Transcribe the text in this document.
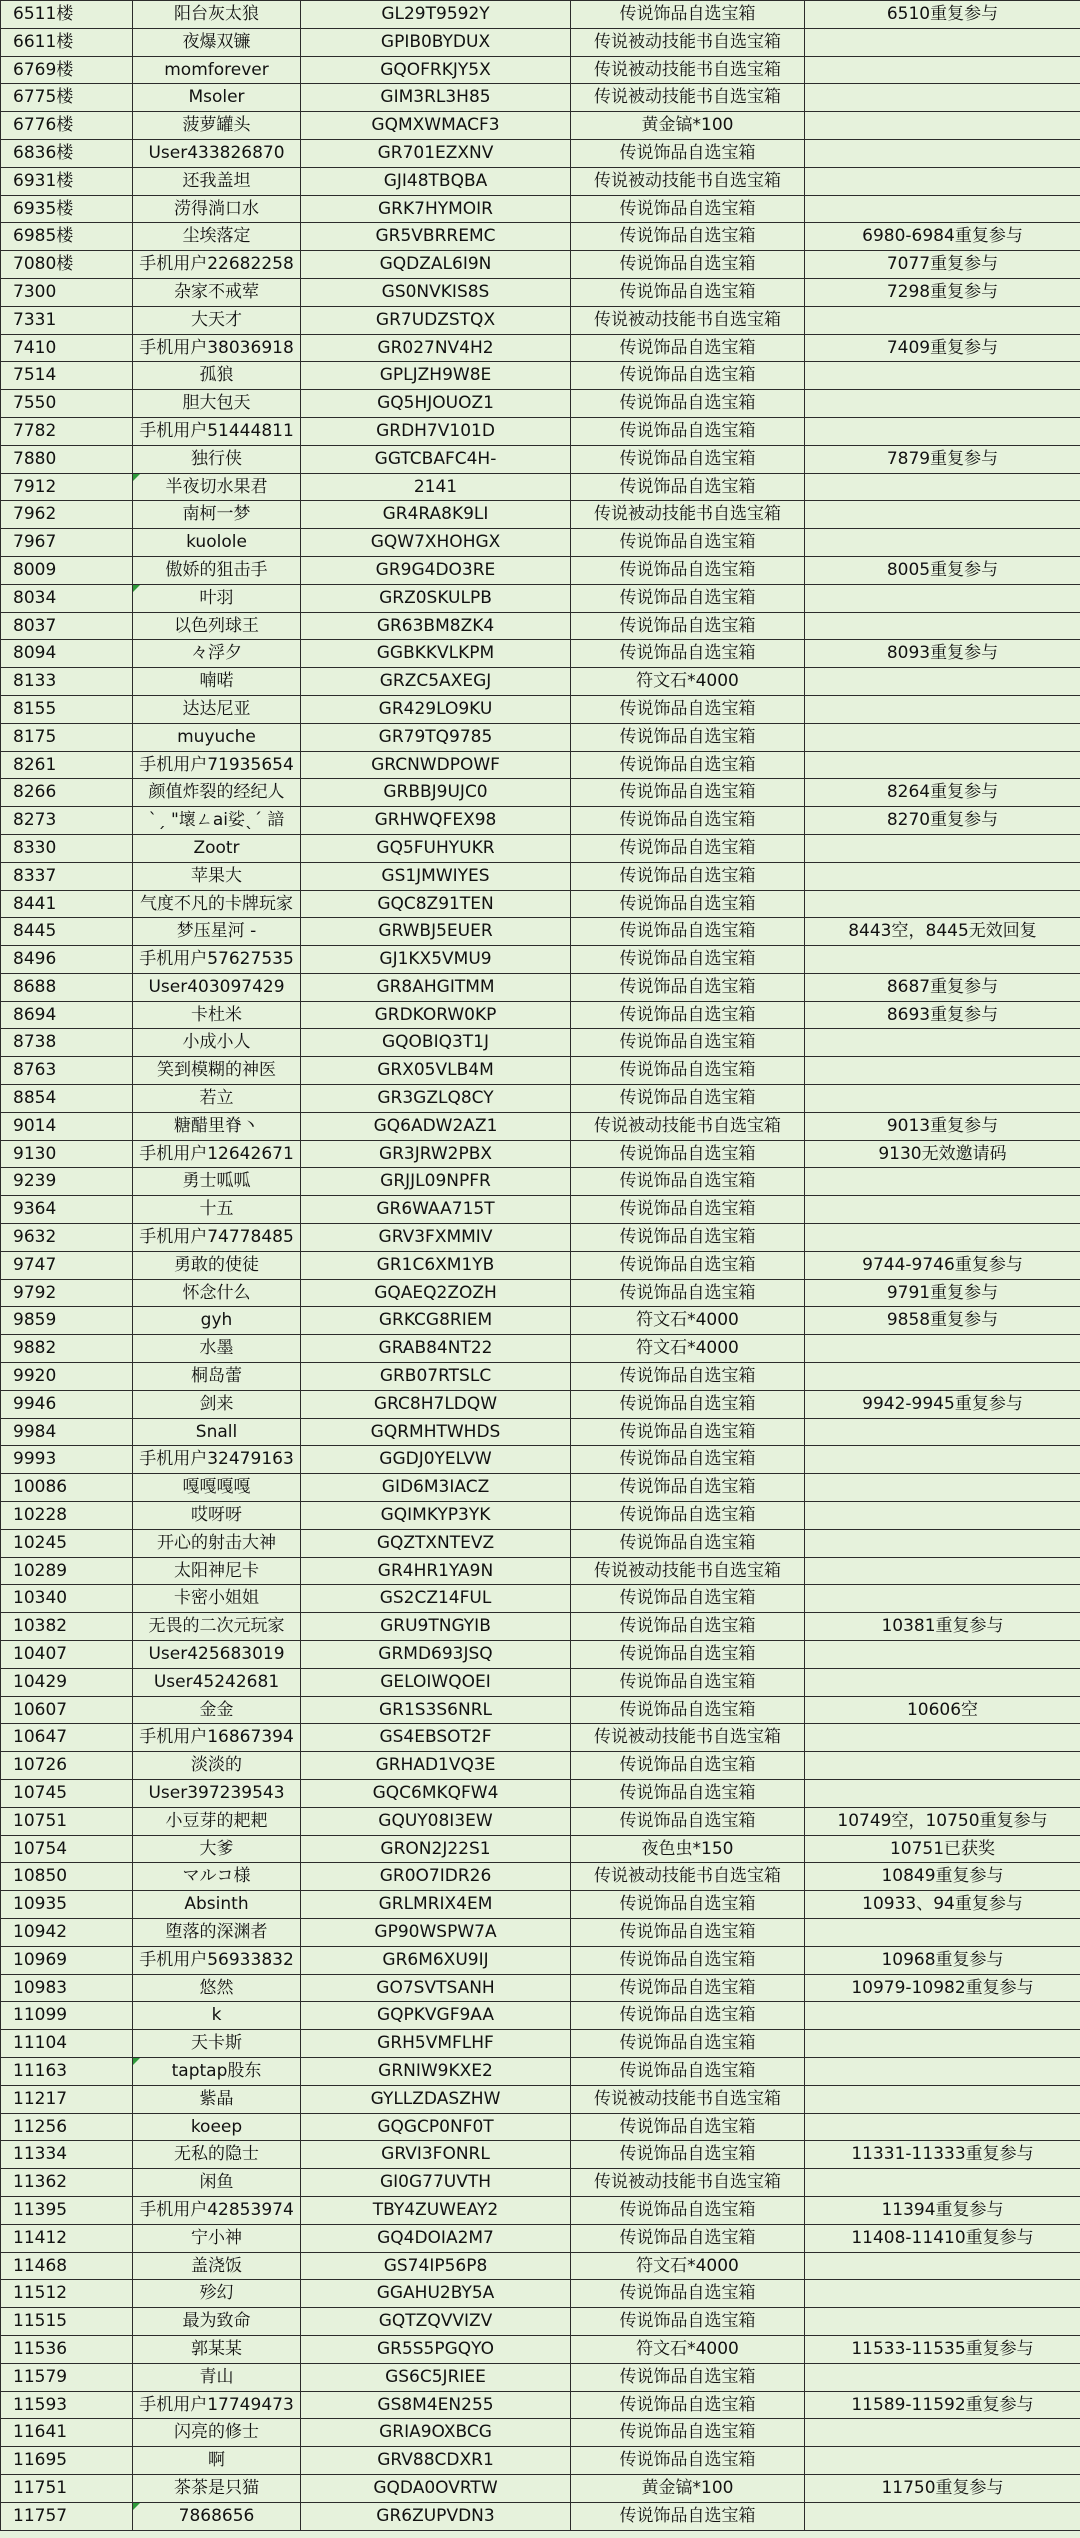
6511楼	阳台灰太狼	GL29T9592Y	传说饰品自选宝箱	6510重复参与
6611楼	夜爆双镰	GPIB0BYDUX	传说被动技能书自选宝箱	
6769楼	momforever	GQOFRKJY5X	传说被动技能书自选宝箱	
6775楼	Msoler	GIM3RL3H85	传说被动技能书自选宝箱	
6776楼	菠萝罐头	GQMXWMACF3	黄金镐*100	
6836楼	User433826870	GR701EZXNV	传说饰品自选宝箱	
6931楼	还我盖坦	GJI48TBQBA	传说被动技能书自选宝箱	
6935楼	涝得淌口水	GRK7HYMOIR	传说饰品自选宝箱	
6985楼	尘埃落定	GR5VBRREMC	传说饰品自选宝箱	6980-6984重复参与
7080楼	手机用户22682258	GQDZAL6I9N	传说饰品自选宝箱	7077重复参与
7300	杂家不戒荤	GS0NVKIS8S	传说饰品自选宝箱	7298重复参与
7331	大天才	GR7UDZSTQX	传说被动技能书自选宝箱	
7410	手机用户38036918	GR027NV4H2	传说饰品自选宝箱	7409重复参与
7514	孤狼	GPLJZH9W8E	传说饰品自选宝箱	
7550	胆大包天	GQ5HJOUOZ1	传说饰品自选宝箱	
7782	手机用户51444811	GRDH7V101D	传说饰品自选宝箱	
7880	独行侠	GGTCBAFC4H-	传说饰品自选宝箱	7879重复参与
7912	半夜切水果君	2141	传说饰品自选宝箱	
7962	南柯一梦	GR4RA8K9LI	传说被动技能书自选宝箱	
7967	kuolole	GQW7XHOHGX	传说饰品自选宝箱	
8009	傲娇的狙击手	GR9G4DO3RE	传说饰品自选宝箱	8005重复参与
8034	叶羽	GRZ0SKULPB	传说饰品自选宝箱	
8037	以色列球王	GR63BM8ZK4	传说饰品自选宝箱	
8094	々浮夕	GGBKKVLKPM	传说饰品自选宝箱	8093重复参与
8133	喃喏	GRZC5AXEGJ	符文石*4000	
8155	达达尼亚	GR429LO9KU	传说饰品自选宝箱	
8175	muyuche	GR79TQ9785	传说饰品自选宝箱	
8261	手机用户71935654	GRCNWDPOWF	传说饰品自选宝箱	
8266	颜值炸裂的经纪人	GRBBJ9UJC0	传说饰品自选宝箱	8264重复参与
8273	ˋˏ "壞ㄥai娑ˎˊ 諳	GRHWQFEX98	传说饰品自选宝箱	8270重复参与
8330	Zootr	GQ5FUHYUKR	传说饰品自选宝箱	
8337	苹果大	GS1JMWIYES	传说饰品自选宝箱	
8441	气度不凡的卡牌玩家	GQC8Z91TEN	传说饰品自选宝箱	
8445	梦压星河 -	GRWBJ5EUER	传说饰品自选宝箱	8443空，8445无效回复
8496	手机用户57627535	GJ1KX5VMU9	传说饰品自选宝箱	
8688	User403097429	GR8AHGITMM	传说饰品自选宝箱	8687重复参与
8694	卡杜米	GRDKORW0KP	传说饰品自选宝箱	8693重复参与
8738	小成小人	GQOBIQ3T1J	传说饰品自选宝箱	
8763	笑到模糊的神医	GRX05VLB4M	传说饰品自选宝箱	
8854	若立	GR3GZLQ8CY	传说饰品自选宝箱	
9014	糖醋里脊丶	GQ6ADW2AZ1	传说被动技能书自选宝箱	9013重复参与
9130	手机用户12642671	GR3JRW2PBX	传说饰品自选宝箱	9130无效邀请码
9239	勇士呱呱	GRJJL09NPFR	传说饰品自选宝箱	
9364	十五	GR6WAA715T	传说饰品自选宝箱	
9632	手机用户74778485	GRV3FXMMIV	传说饰品自选宝箱	
9747	勇敢的使徒	GR1C6XM1YB	传说饰品自选宝箱	9744-9746重复参与
9792	怀念什么	GQAEQ2ZOZH	传说饰品自选宝箱	9791重复参与
9859	gyh	GRKCG8RIEM	符文石*4000	9858重复参与
9882	水墨	GRAB84NT22	符文石*4000	
9920	桐岛蕾	GRB07RTSLC	传说饰品自选宝箱	
9946	剑来	GRC8H7LDQW	传说饰品自选宝箱	9942-9945重复参与
9984	Snall	GQRMHTWHDS	传说饰品自选宝箱	
9993	手机用户32479163	GGDJ0YELVW	传说饰品自选宝箱	
10086	嘎嘎嘎嘎	GID6M3IACZ	传说饰品自选宝箱	
10228	哎呀呀	GQIMKYP3YK	传说饰品自选宝箱	
10245	开心的射击大神	GQZTXNTEVZ	传说饰品自选宝箱	
10289	太阳神尼卡	GR4HR1YA9N	传说被动技能书自选宝箱	
10340	卡密小姐姐	GS2CZ14FUL	传说饰品自选宝箱	
10382	无畏的二次元玩家	GRU9TNGYIB	传说饰品自选宝箱	10381重复参与
10407	User425683019	GRMD693JSQ	传说饰品自选宝箱	
10429	User45242681	GELOIWQOEI	传说饰品自选宝箱	
10607	金金	GR1S3S6NRL	传说饰品自选宝箱	10606空
10647	手机用户16867394	GS4EBSOT2F	传说被动技能书自选宝箱	
10726	淡淡的	GRHAD1VQ3E	传说饰品自选宝箱	
10745	User397239543	GQC6MKQFW4	传说饰品自选宝箱	
10751	小豆芽的耙耙	GQUY08I3EW	传说饰品自选宝箱	10749空，10750重复参与
10754	大爹	GRON2J22S1	夜色虫*150	10751已获奖
10850	マルコ様	GR0O7IDR26	传说被动技能书自选宝箱	10849重复参与
10935	Absinth	GRLMRIX4EM	传说饰品自选宝箱	10933、94重复参与
10942	堕落的深渊者	GP90WSPW7A	传说饰品自选宝箱	
10969	手机用户56933832	GR6M6XU9IJ	传说饰品自选宝箱	10968重复参与
10983	悠然	GO7SVTSANH	传说饰品自选宝箱	10979-10982重复参与
11099	k	GQPKVGF9AA	传说饰品自选宝箱	
11104	天卡斯	GRH5VMFLHF	传说饰品自选宝箱	
11163	taptap股东	GRNIW9KXE2	传说饰品自选宝箱	
11217	紫晶	GYLLZDASZHW	传说被动技能书自选宝箱	
11256	koeep	GQGCP0NF0T	传说饰品自选宝箱	
11334	无私的隐士	GRVI3FONRL	传说饰品自选宝箱	11331-11333重复参与
11362	闲鱼	GI0G77UVTH	传说被动技能书自选宝箱	
11395	手机用户42853974	TBY4ZUWEAY2	传说饰品自选宝箱	11394重复参与
11412	宁小神	GQ4DOIA2M7	传说饰品自选宝箱	11408-11410重复参与
11468	盖浇饭	GS74IP56P8	符文石*4000	
11512	殄幻	GGAHU2BY5A	传说饰品自选宝箱	
11515	最为致命	GQTZQVVIZV	传说饰品自选宝箱	
11536	郭某某	GR5S5PGQYO	符文石*4000	11533-11535重复参与
11579	青山	GS6C5JRIEE	传说饰品自选宝箱	
11593	手机用户17749473	GS8M4EN255	传说饰品自选宝箱	11589-11592重复参与
11641	闪亮的修士	GRIA9OXBCG	传说饰品自选宝箱	
11695	啊	GRV88CDXR1	传说饰品自选宝箱	
11751	茶茶是只猫	GQDA0OVRTW	黄金镐*100	11750重复参与
11757	7868656	GR6ZUPVDN3	传说饰品自选宝箱	
